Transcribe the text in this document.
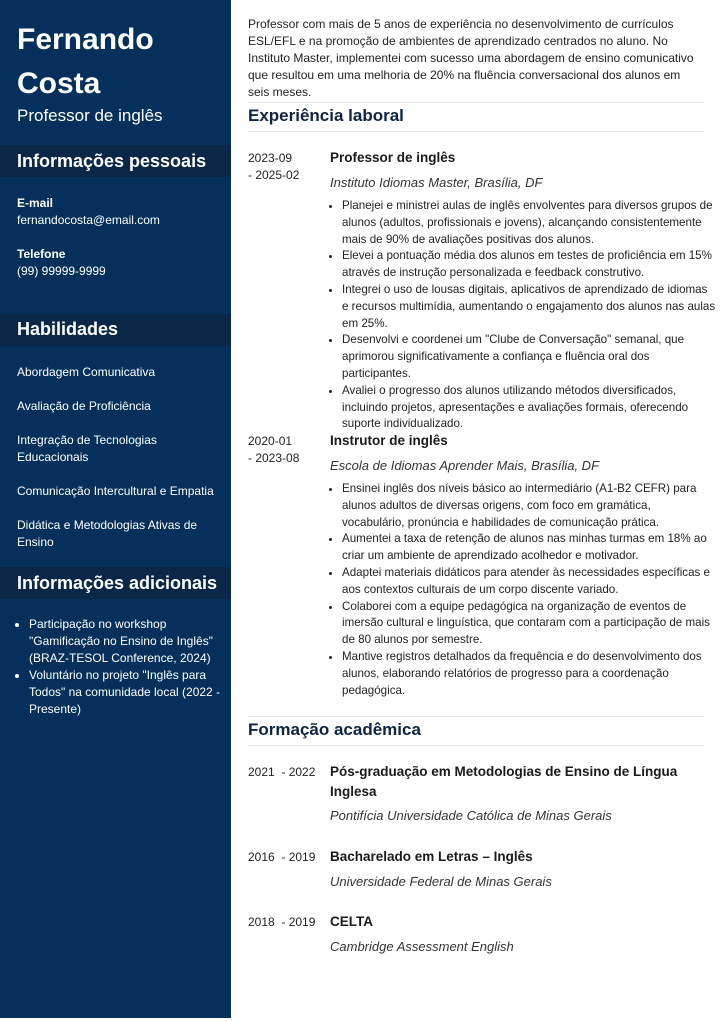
Fernando Costa
Professor de inglês
Informações pessoais
E-mail
fernandocosta@email.com
Telefone
(99) 99999-9999
Habilidades
Abordagem Comunicativa
Avaliação de Proficiência
Integração de Tecnologias Educacionais
Comunicação Intercultural e Empatia
Didática e Metodologias Ativas de Ensino
Informações adicionais
• Participação no workshop "Gamificação no Ensino de Inglês" (BRAZ-TESOL Conference, 2024)
• Voluntário no projeto "Inglês para Todos" na comunidade local (2022 - Presente)
Professor com mais de 5 anos de experiência no desenvolvimento de currículos ESL/EFL e na promoção de ambientes de aprendizado centrados no aluno. No Instituto Master, implementei com sucesso uma abordagem de ensino comunicativo que resultou em uma melhoria de 20% na fluência conversacional dos alunos em seis meses.
Experiência laboral
2023-09
- 2025-02
Professor de inglês
Instituto Idiomas Master, Brasília, DF
• Planejei e ministrei aulas de inglês envolventes para diversos grupos de alunos (adultos, profissionais e jovens), alcançando consistentemente mais de 90% de avaliações positivas dos alunos.
• Elevei a pontuação média dos alunos em testes de proficiência em 15% através de instrução personalizada e feedback construtivo.
• Integrei o uso de lousas digitais, aplicativos de aprendizado de idiomas e recursos multimídia, aumentando o engajamento dos alunos nas aulas em 25%.
• Desenvolvi e coordenei um "Clube de Conversação" semanal, que aprimorou significativamente a confiança e fluência oral dos participantes.
• Avaliei o progresso dos alunos utilizando métodos diversificados, incluindo projetos, apresentações e avaliações formais, oferecendo suporte individualizado.
2020-01
- 2023-08
Instrutor de inglês
Escola de Idiomas Aprender Mais, Brasília, DF
• Ensinei inglês dos níveis básico ao intermediário (A1-B2 CEFR) para alunos adultos de diversas origens, com foco em gramática, vocabulário, pronúncia e habilidades de comunicação prática.
• Aumentei a taxa de retenção de alunos nas minhas turmas em 18% ao criar um ambiente de aprendizado acolhedor e motivador.
• Adaptei materiais didáticos para atender às necessidades específicas e aos contextos culturais de um corpo discente variado.
• Colaborei com a equipe pedagógica na organização de eventos de imersão cultural e linguística, que contaram com a participação de mais de 80 alunos por semestre.
• Mantive registros detalhados da frequência e do desenvolvimento dos alunos, elaborando relatórios de progresso para a coordenação pedagógica.
Formação acadêmica
2021  - 2022 Pós-graduação em Metodologias de Ensino de Língua Inglesa
Pontifícia Universidade Católica de Minas Gerais
2016  - 2019 Bacharelado em Letras – Inglês
Universidade Federal de Minas Gerais
2018  - 2019 CELTA
Cambridge Assessment English
